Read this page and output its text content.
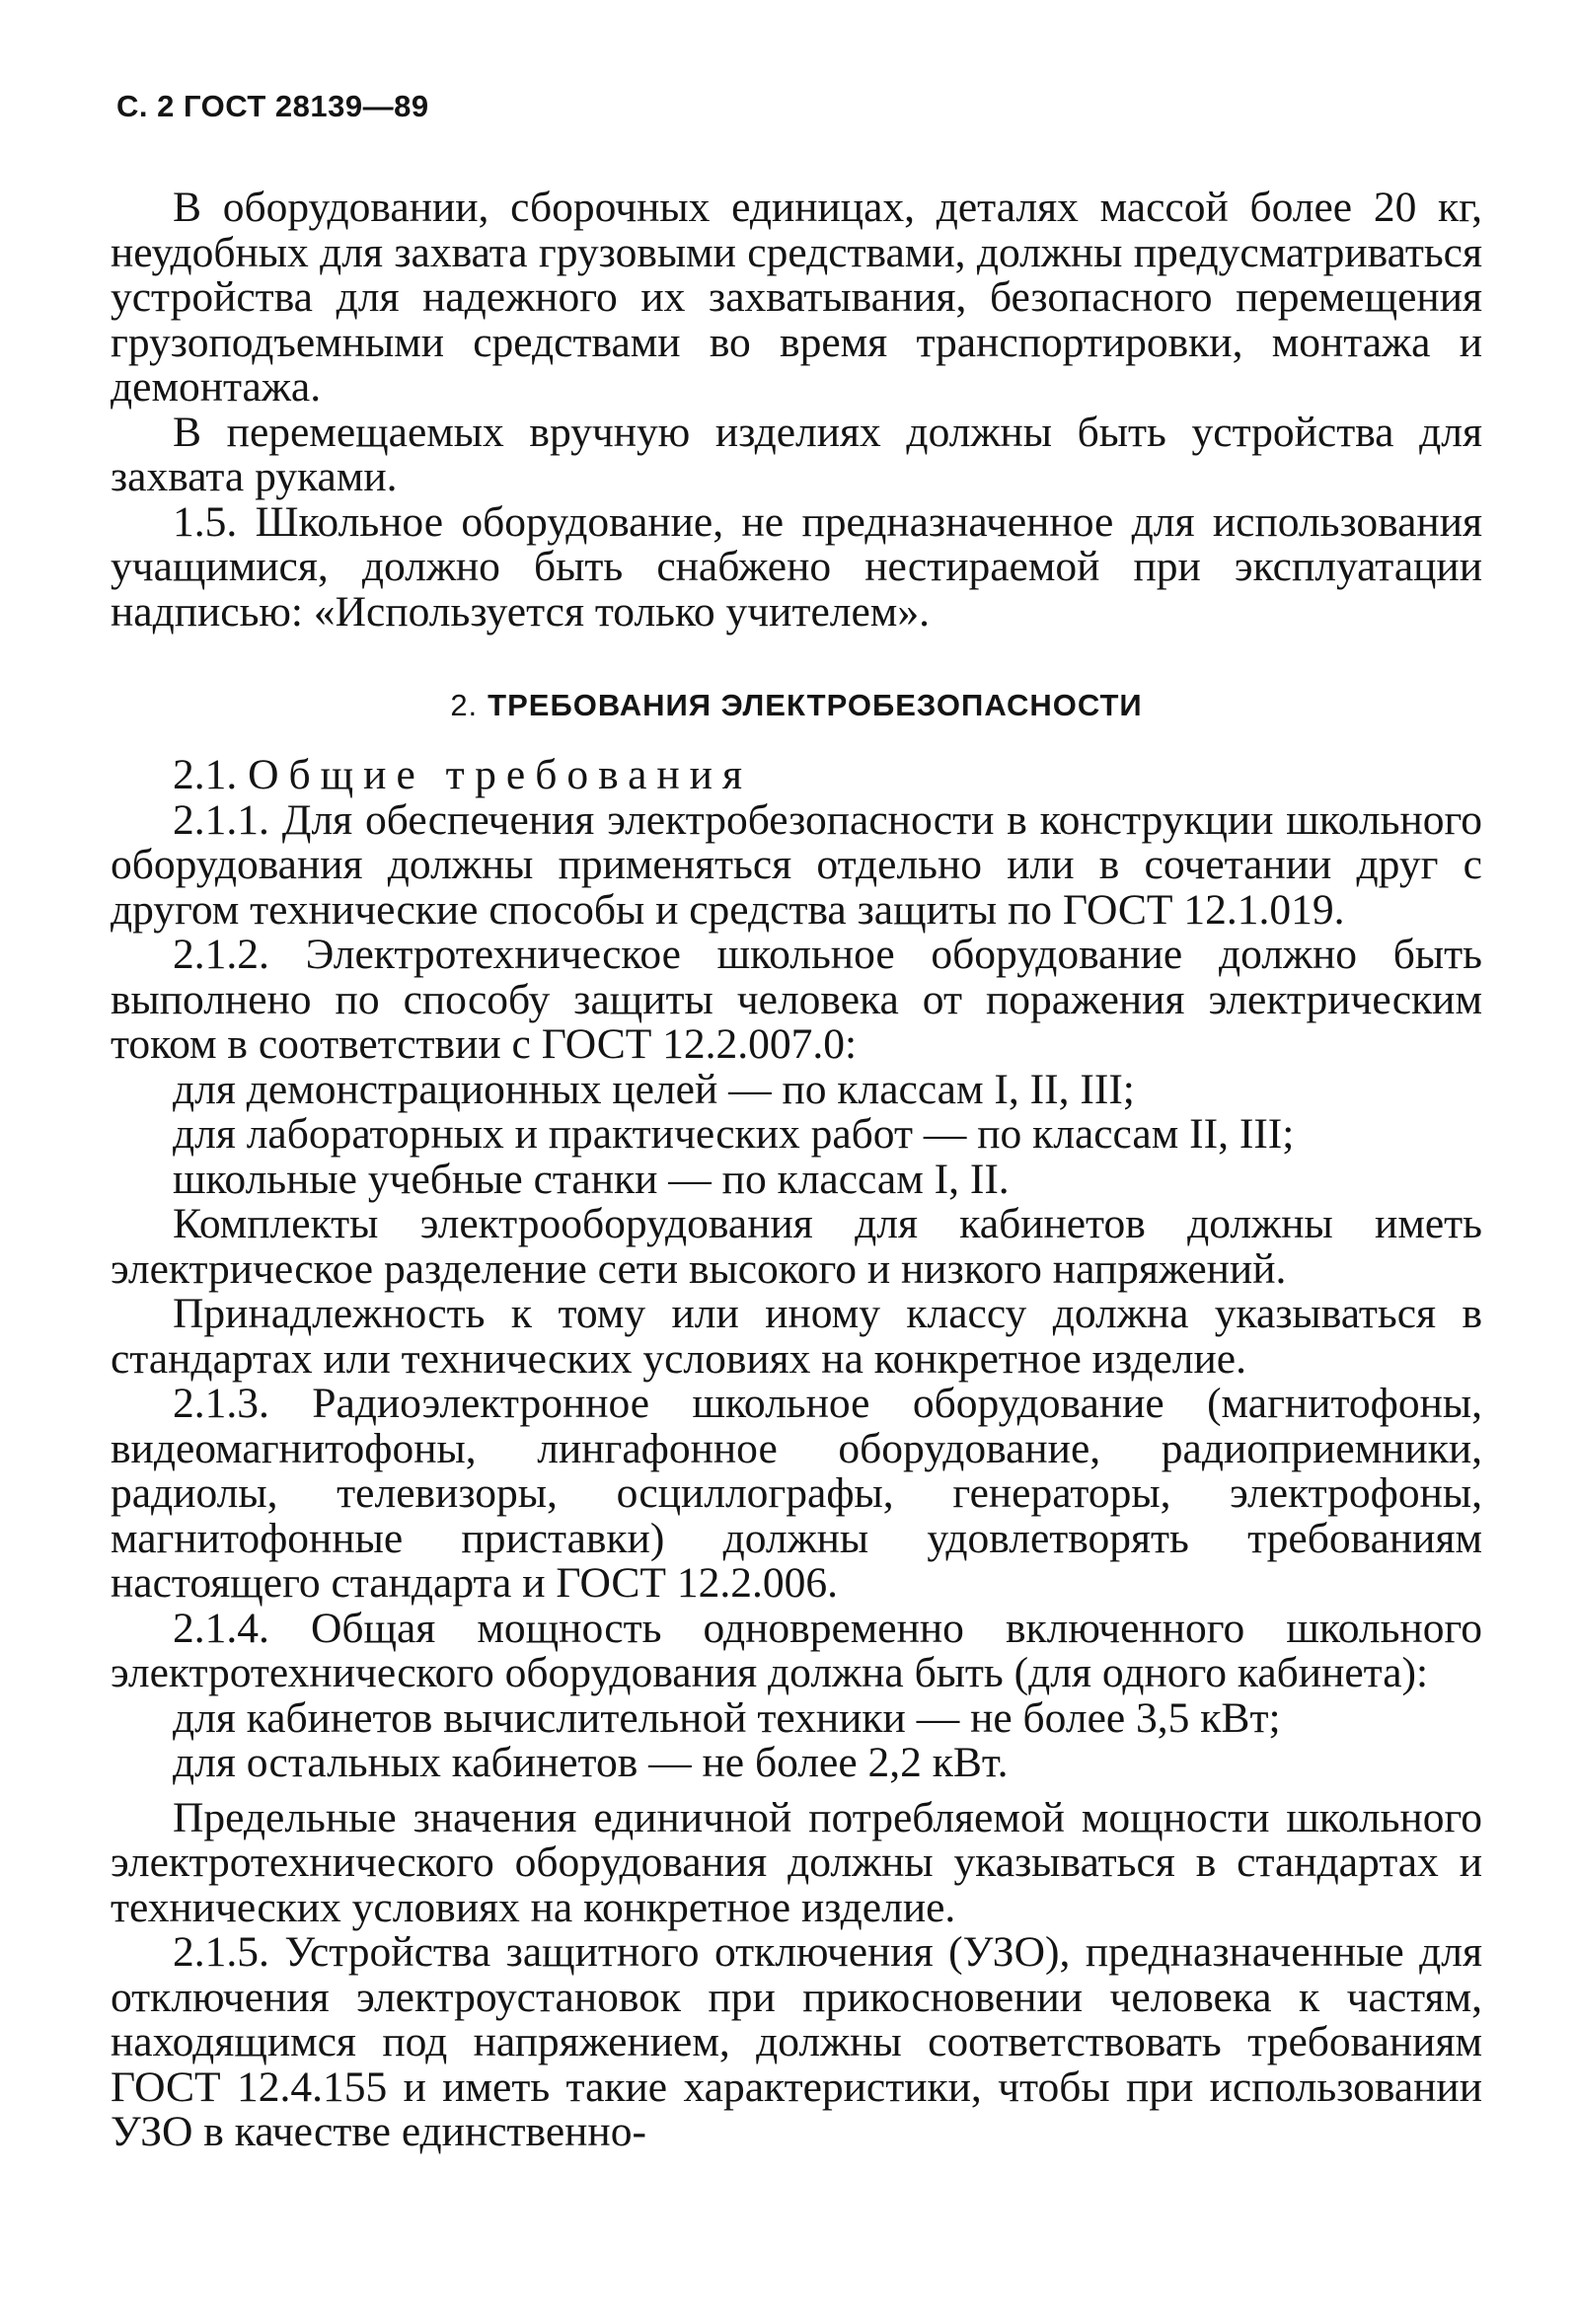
С. 2 ГОСТ 28139—89

В оборудовании, сборочных единицах, деталях массой более 20 кг, неудобных для захвата грузовыми средствами, должны предусматриваться устройства для надежного их захватывания, безопасного перемещения грузоподъемными средствами во время транспортировки, монтажа и демонтажа.

В перемещаемых вручную изделиях должны быть устройства для захвата руками.

1.5. Школьное оборудование, не предназначенное для использования учащимися, должно быть снабжено нестираемой при эксплуатации надписью: «Используется только учителем».

2. ТРЕБОВАНИЯ ЭЛЕКТРОБЕЗОПАСНОСТИ

2.1. Общие требования

2.1.1. Для обеспечения электробезопасности в конструкции школьного оборудования должны применяться отдельно или в сочетании друг с другом технические способы и средства защиты по ГОСТ 12.1.019.

2.1.2. Электротехническое школьное оборудование должно быть выполнено по способу защиты человека от поражения электрическим током в соответствии с ГОСТ 12.2.007.0:

для демонстрационных целей — по классам I, II, III;

для лабораторных и практических работ — по классам II, III;

школьные учебные станки — по классам I, II.

Комплекты электрооборудования для кабинетов должны иметь электрическое разделение сети высокого и низкого напряжений.

Принадлежность к тому или иному классу должна указываться в стандартах или технических условиях на конкретное изделие.

2.1.3. Радиоэлектронное школьное оборудование (магнитофоны, видеомагнитофоны, лингафонное оборудование, радиоприемники, радиолы, телевизоры, осциллографы, генераторы, электрофоны, магнитофонные приставки) должны удовлетворять требованиям настоящего стандарта и ГОСТ 12.2.006.

2.1.4. Общая мощность одновременно включенного школьного электротехнического оборудования должна быть (для одного кабинета):

для кабинетов вычислительной техники — не более 3,5 кВт;

для остальных кабинетов — не более 2,2 кВт.

Предельные значения единичной потребляемой мощности школьного электротехнического оборудования должны указываться в стандартах и технических условиях на конкретное изделие.

2.1.5. Устройства защитного отключения (УЗО), предназначенные для отключения электроустановок при прикосновении человека к частям, находящимся под напряжением, должны соответствовать требованиям ГОСТ 12.4.155 и иметь такие характеристики, чтобы при использовании УЗО в качестве единственно-
